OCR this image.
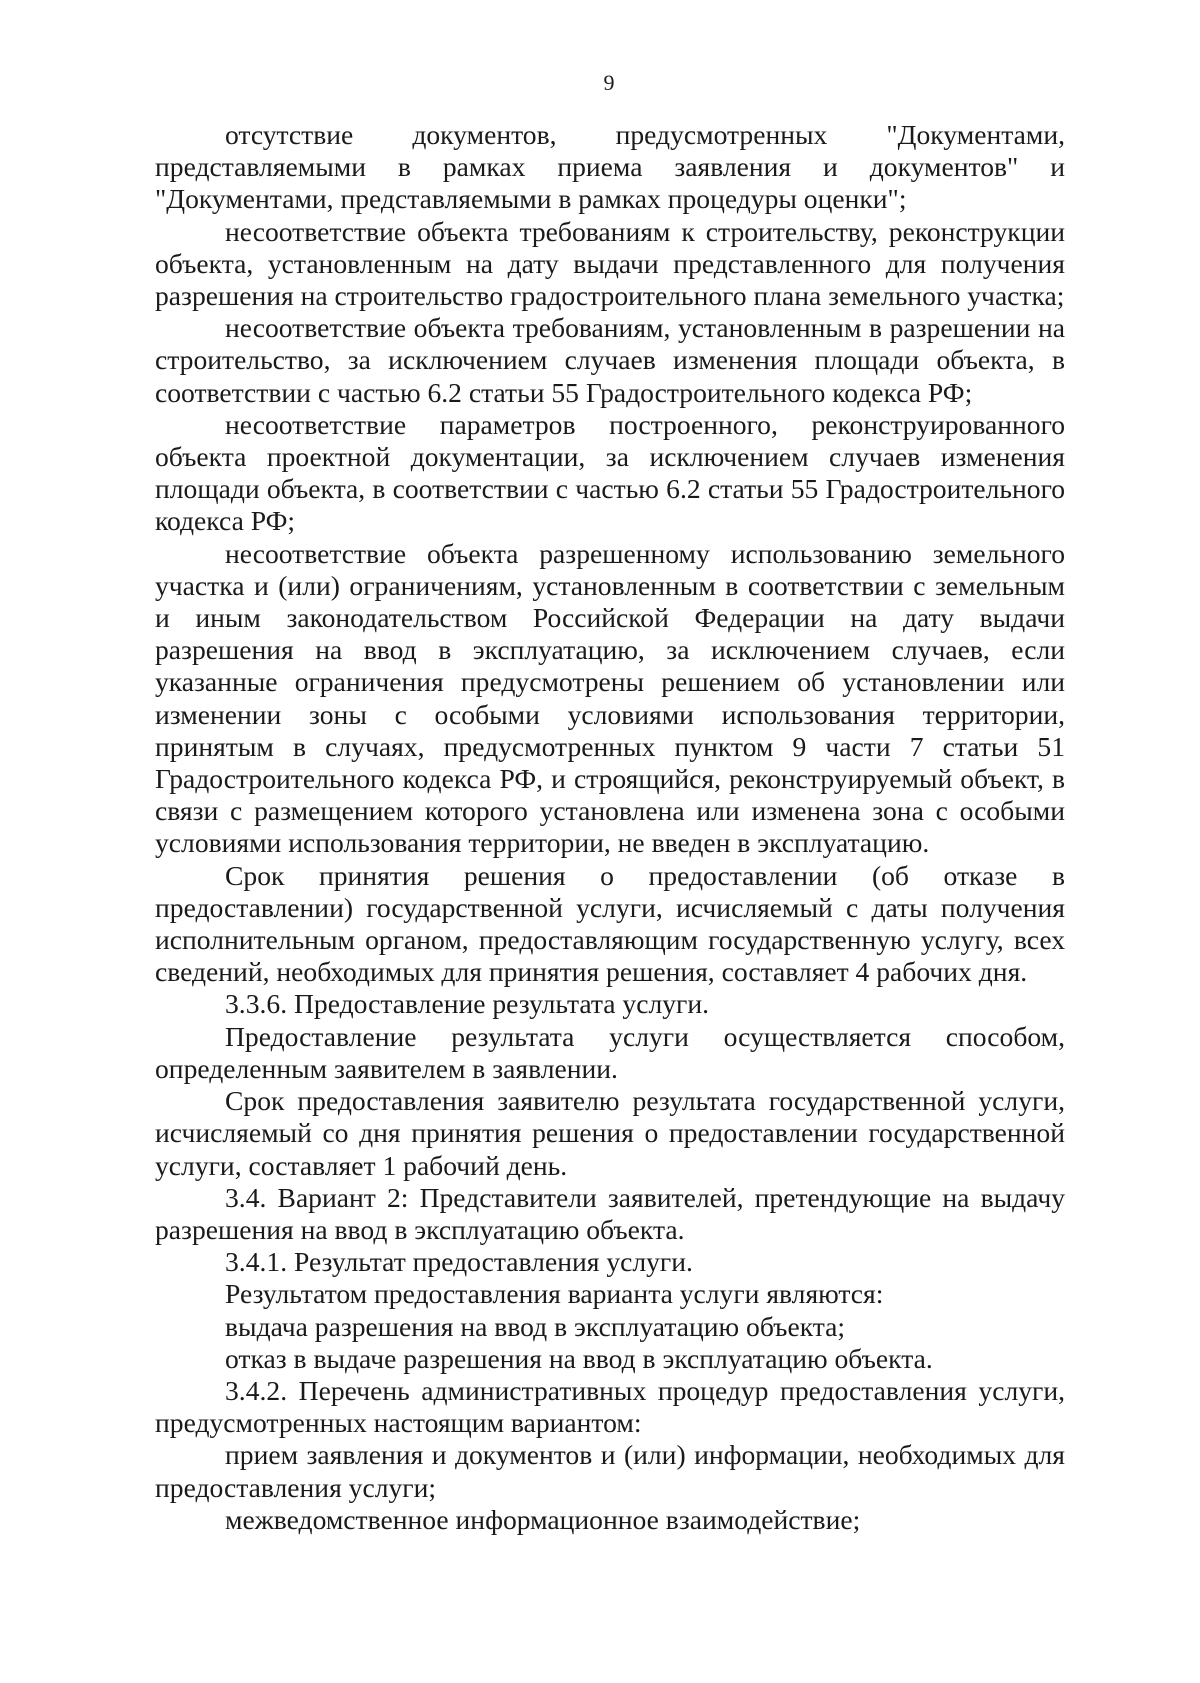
9

отсутствие документов, предусмотренных "Документами, представляемыми в рамках приема заявления и документов" и "Документами, представляемыми в рамках процедуры оценки";

несоответствие объекта требованиям к строительству, реконструкции объекта, установленным на дату выдачи представленного для получения разрешения на строительство градостроительного плана земельного участка;

несоответствие объекта требованиям, установленным в разрешении на строительство, за исключением случаев изменения площади объекта, в соответствии с частью 6.2 статьи 55 Градостроительного кодекса РФ;

несоответствие параметров построенного, реконструированного объекта проектной документации, за исключением случаев изменения площади объекта, в соответствии с частью 6.2 статьи 55 Градостроительного кодекса РФ;

несоответствие объекта разрешенному использованию земельного участка и (или) ограничениям, установленным в соответствии с земельным и иным законодательством Российской Федерации на дату выдачи разрешения на ввод в эксплуатацию, за исключением случаев, если указанные ограничения предусмотрены решением об установлении или изменении зоны с особыми условиями использования территории, принятым в случаях, предусмотренных пунктом 9 части 7 статьи 51 Градостроительного кодекса РФ, и строящийся, реконструируемый объект, в связи с размещением которого установлена или изменена зона с особыми условиями использования территории, не введен в эксплуатацию.

Срок принятия решения о предоставлении (об отказе в предоставлении) государственной услуги, исчисляемый с даты получения исполнительным органом, предоставляющим государственную услугу, всех сведений, необходимых для принятия решения, составляет 4 рабочих дня.

3.3.6. Предоставление результата услуги.

Предоставление результата услуги осуществляется способом, определенным заявителем в заявлении.

Срок предоставления заявителю результата государственной услуги, исчисляемый со дня принятия решения о предоставлении государственной услуги, составляет 1 рабочий день.

3.4. Вариант 2: Представители заявителей, претендующие на выдачу разрешения на ввод в эксплуатацию объекта.

3.4.1. Результат предоставления услуги.

Результатом предоставления варианта услуги являются:

выдача разрешения на ввод в эксплуатацию объекта;

отказ в выдаче разрешения на ввод в эксплуатацию объекта.

3.4.2. Перечень административных процедур предоставления услуги, предусмотренных настоящим вариантом:

прием заявления и документов и (или) информации, необходимых для предоставления услуги;

межведомственное информационное взаимодействие;
